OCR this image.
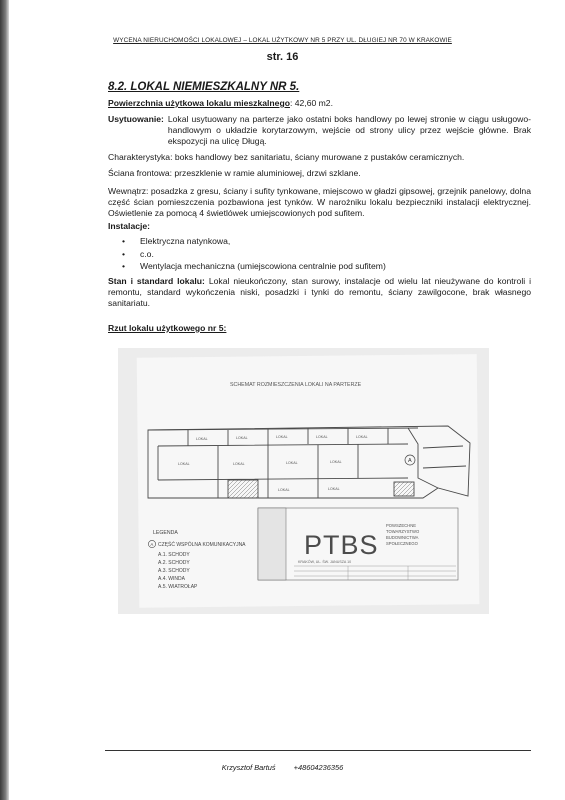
WYCENA NIERUCHOMOŚCI LOKALOWEJ – LOKAL UŻYTKOWY NR 5 PRZY UL. DŁUGIEJ NR 70 W KRAKOWIE
str. 16
8.2. LOKAL NIEMIESZKALNY NR 5.

Powierzchnia użytkowa lokalu mieszkalnego: 42,60 m2.

Usytuowanie: Lokal usytuowany na parterze jako ostatni boks handlowy po lewej stronie w ciągu usługowo-handlowym o układzie korytarzowym, wejście od strony ulicy przez wejście główne. Brak ekspozycji na ulicę Długą.

Charakterystyka: boks handlowy bez sanitariatu, ściany murowane z pustaków ceramicznych.

Ściana frontowa: przeszklenie w ramie aluminiowej, drzwi szklane.

Wewnątrz: posadzka z gresu, ściany i sufity tynkowane, miejscowo w gładzi gipsowej, grzejnik panelowy, dolna część ścian pomieszczenia pozbawiona jest tynków. W narożniku lokalu bezpieczniki instalacji elektrycznej. Oświetlenie za pomocą 4 świetlówek umiejscowionych pod sufitem.

Instalacje:

• Elektryczna natynkowa,
• c.o.
• Wentylacja mechaniczna (umiejscowiona centralnie pod sufitem)

Stan i standard lokalu: Lokal nieukończony, stan surowy, instalacje od wielu lat nieużywane do kontroli i remontu, standard wykończenia niski, posadzki i tynki do remontu, ściany zawilgocone, brak własnego sanitariatu.

Rzut lokalu użytkowego nr 5:

SCHEMAT ROZMIESZCZENIA LOKALI NA PARTERZE
LOKAL	LOKAL	LOKAL	LOKAL	LOKAL
LOKAL	LOKAL	LOKAL	LOKAL
LOKAL	LOKAL
A
LEGENDA
A CZĘŚĆ WSPÓLNA KOMUNIKACYJNA
A.1. SCHODY
A.2. SCHODY
A.3. SCHODY
A.4. WINDA
A.5. WIATROŁAP
PTBS
POWSZECHNE
TOWARZYSTWO
BUDOWNICTWA
SPOŁECZNEGO
KRAKÓW, UL. ŚW. JANUSZA 10
Krzysztof Bartuś +48604236356
